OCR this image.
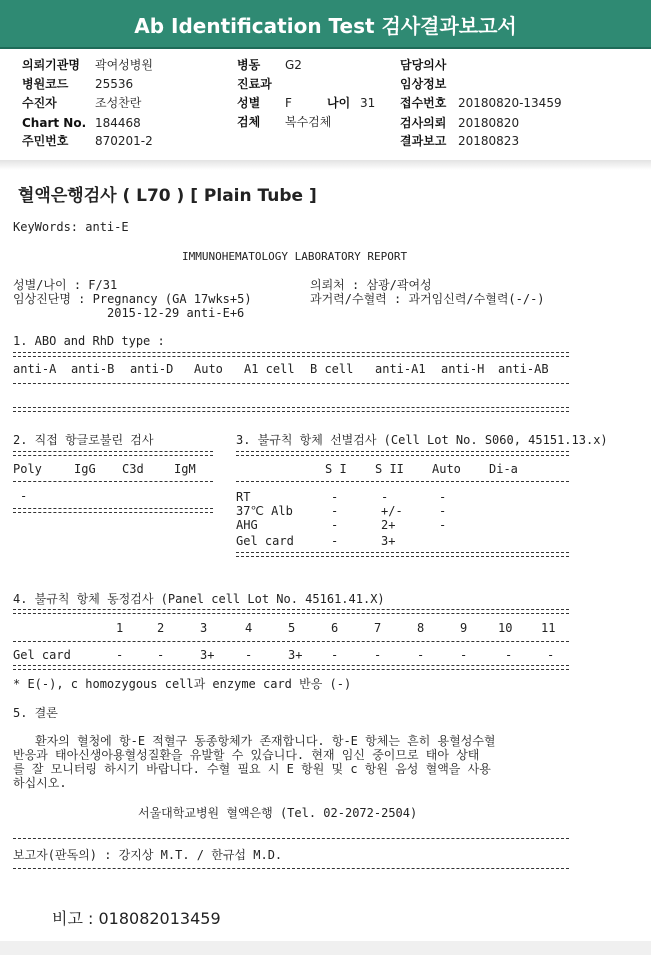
Ab Identification Test 검사결과보고서
의뢰기관명 곽여성병원
병원코드 25536
수진자	조성찬란
Chart No. 184468
주민번호 870201-2
병동 G2
진료과
성별 F	나이 31
검체 복수검체
담당의사
임상정보
접수번호 20180820-13459
검사의뢰 20180820
결과보고 20180823
혈액은행검사 ( L70 ) [ Plain Tube ]
KeyWords: anti-E
IMMUNOHEMATOLOGY LABORATORY REPORT
성별/나이 : F/31
임상진단명 : Pregnancy (GA 17wks+5)
2015-12-29 anti-E+6
의뢰처 : 삼광/곽여성
과거력/수혈력 : 과거임신력/수혈력(-/-)
1. ABO and RhD type :
anti-A anti-B anti-D Auto A1 cell B cell anti-A1 anti-H anti-AB
2. 직접 항글로불린 검사
Poly	IgG C3d	IgM
-
3. 불규칙 항체 선별검사 (Cell Lot No. S060, 45151.13.x)
S I S II Auto Di-a
RT	-	-	-
37℃ Alb	-	+/-	-
AHG	-	2+	-
Gel card	-	3+
4. 불규칙 항체 동정검사 (Panel cell Lot No. 45161.41.X)
1	2	3	4	5	6	7	8	9	10 11
Gel card	-	-	3+	-	3+ -	-	-	-	-	-
* E(-), c homozygous cell과 enzyme card 반응 (-)
5. 결론
환자의 혈청에 항-E 적혈구 동종항체가 존재합니다. 항-E 항체는 흔히 용혈성수혈
반응과 태아신생아용혈성질환을 유발할 수 있습니다. 현재 임신 중이므로 태아 상태
를 잘 모니터링 하시기 바랍니다. 수혈 필요 시 E 항원 및 c 항원 음성 혈액을 사용
하십시오.
서울대학교병원 혈액은행 (Tel. 02-2072-2504)
보고자(판독의) : 강지상 M.T. / 한규섭 M.D.
비고 : 018082013459
